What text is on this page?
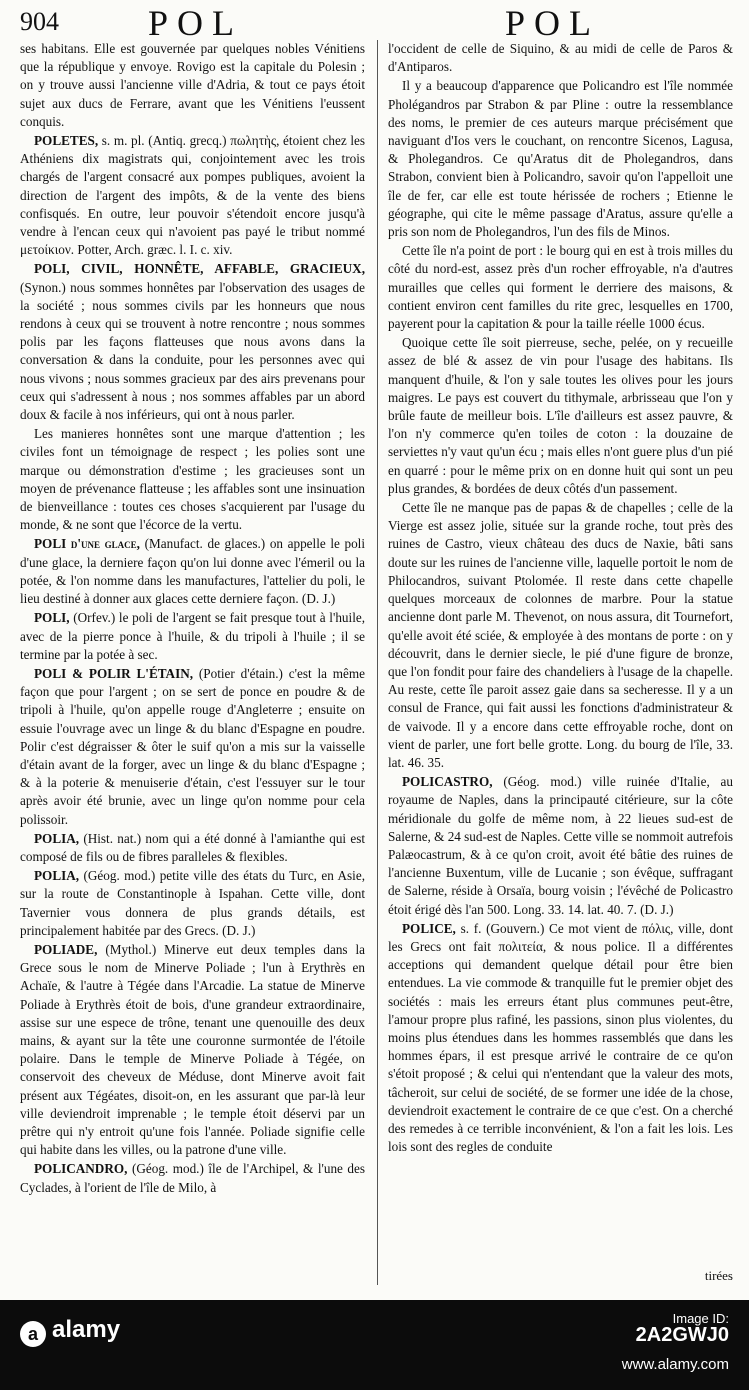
904 POL	POL

ses habitans. Elle est gouvernée par quelques nobles Vénitiens que la république y envoye. Rovigo est la capitale du Polesin ; on y trouve aussi l'ancienne ville d'Adria, & tout ce pays étoit sujet aux ducs de Ferrare, avant que les Vénitiens l'eussent conquis.

POLETES, s. m. pl. (Antiq. grecq.) πωλητὴς, étoient chez les Athéniens dix magistrats qui, conjointement avec les trois chargés de l'argent consacré aux pompes publiques, avoient la direction de l'argent des impôts, & de la vente des biens confisqués. En outre, leur pouvoir s'étendoit encore jusqu'à vendre à l'encan ceux qui n'avoient pas payé le tribut nommé μετοίκιον. Potter, Arch. græc. l. I. c. xiv.

POLI, CIVIL, HONNÊTE, AFFABLE, GRACIEUX, (Synon.) nous sommes honnêtes par l'observation des usages de la société ; nous sommes civils par les honneurs que nous rendons à ceux qui se trouvent à notre rencontre ; nous sommes polis par les façons flatteuses que nous avons dans la conversation & dans la conduite, pour les personnes avec qui nous vivons ; nous sommes gracieux par des airs prevenans pour ceux qui s'adressent à nous ; nos sommes affables par un abord doux & facile à nos inférieurs, qui ont à nous parler.

Les manieres honnêtes sont une marque d'attention ; les civiles font un témoignage de respect ; les polies sont une marque ou démonstration d'estime ; les gracieuses sont un moyen de prévenance flatteuse ; les affables sont une insinuation de bienveillance : toutes ces choses s'acquierent par l'usage du monde, & ne sont que l'écorce de la vertu.

POLI d'une glace, (Manufact. de glaces.) on appelle le poli d'une glace, la derniere façon qu'on lui donne avec l'émeril ou la potée, & l'on nomme dans les manufactures, l'attelier du poli, le lieu destiné à donner aux glaces cette derniere façon. (D. J.)

POLI, (Orfev.) le poli de l'argent se fait presque tout à l'huile, avec de la pierre ponce à l'huile, & du tripoli à l'huile ; il se termine par la potée à sec.

POLI & POLIR L'ÉTAIN, (Potier d'étain.) c'est la même façon que pour l'argent ; on se sert de ponce en poudre & de tripoli à l'huile, qu'on appelle rouge d'Angleterre ; ensuite on essuie l'ouvrage avec un linge & du blanc d'Espagne en poudre. Polir c'est dégraisser & ôter le suif qu'on a mis sur la vaisselle d'étain avant de la forger, avec un linge & du blanc d'Espagne ; & à la poterie & menuiserie d'étain, c'est l'essuyer sur le tour après avoir été brunie, avec un linge qu'on nomme pour cela polissoir.

POLIA, (Hist. nat.) nom qui a été donné à l'amianthe qui est composé de fils ou de fibres paralleles & flexibles.

POLIA, (Géog. mod.) petite ville des états du Turc, en Asie, sur la route de Constantinople à Ispahan. Cette ville, dont Tavernier vous donnera de plus grands détails, est principalement habitée par des Grecs. (D. J.)

POLIADE, (Mythol.) Minerve eut deux temples dans la Grece sous le nom de Minerve Poliade ; l'un à Erythrès en Achaïe, & l'autre à Tégée dans l'Arcadie. La statue de Minerve Poliade à Erythrès étoit de bois, d'une grandeur extraordinaire, assise sur une espece de trône, tenant une quenouille des deux mains, & ayant sur la tête une couronne surmontée de l'étoile polaire. Dans le temple de Minerve Poliade à Tégée, on conservoit des cheveux de Méduse, dont Minerve avoit fait présent aux Tégéates, disoit-on, en les assurant que par-là leur ville deviendroit imprenable ; le temple étoit déservi par un prêtre qui n'y entroit qu'une fois l'année. Poliade signifie celle qui habite dans les villes, ou la patrone d'une ville.

POLICANDRO, (Géog. mod.) île de l'Archipel, & l'une des Cyclades, à l'orient de l'île de Milo, à

l'occident de celle de Siquino, & au midi de celle de Paros & d'Antiparos.

Il y a beaucoup d'apparence que Policandro est l'île nommée Pholégandros par Strabon & par Pline : outre la ressemblance des noms, le premier de ces auteurs marque précisément que naviguant d'Ios vers le couchant, on rencontre Sicenos, Lagusa, & Pholegandros. Ce qu'Aratus dit de Pholegandros, dans Strabon, convient bien à Policandro, savoir qu'on l'appelloit une île de fer, car elle est toute hérissée de rochers ; Etienne le géographe, qui cite le même passage d'Aratus, assure qu'elle a pris son nom de Pholegandros, l'un des fils de Minos.

Cette île n'a point de port : le bourg qui en est à trois milles du côté du nord-est, assez près d'un rocher effroyable, n'a d'autres murailles que celles qui forment le derriere des maisons, & contient environ cent familles du rite grec, lesquelles en 1700, payerent pour la capitation & pour la taille réelle 1000 écus.

Quoique cette île soit pierreuse, seche, pelée, on y recueille assez de blé & assez de vin pour l'usage des habitans. Ils manquent d'huile, & l'on y sale toutes les olives pour les jours maigres. Le pays est couvert du tithymale, arbrisseau que l'on y brûle faute de meilleur bois. L'île d'ailleurs est assez pauvre, & l'on n'y commerce qu'en toiles de coton : la douzaine de serviettes n'y vaut qu'un écu ; mais elles n'ont guere plus d'un pié en quarré : pour le même prix on en donne huit qui sont un peu plus grandes, & bordées de deux côtés d'un passement.

Cette île ne manque pas de papas & de chapelles ; celle de la Vierge est assez jolie, située sur la grande roche, tout près des ruines de Castro, vieux château des ducs de Naxie, bâti sans doute sur les ruines de l'ancienne ville, laquelle portoit le nom de Philocandros, suivant Ptolomée. Il reste dans cette chapelle quelques morceaux de colonnes de marbre. Pour la statue ancienne dont parle M. Thevenot, on nous assura, dit Tournefort, qu'elle avoit été sciée, & employée à des montans de porte : on y découvrit, dans le dernier siecle, le pié d'une figure de bronze, que l'on fondit pour faire des chandeliers à l'usage de la chapelle. Au reste, cette île paroit assez gaie dans sa secheresse. Il y a un consul de France, qui fait aussi les fonctions d'administrateur & de vaivode. Il y a encore dans cette effroyable roche, dont on vient de parler, une fort belle grotte. Long. du bourg de l'île, 33. lat. 46. 35.

POLICASTRO, (Géog. mod.) ville ruinée d'Italie, au royaume de Naples, dans la principauté citérieure, sur la côte méridionale du golfe de même nom, à 22 lieues sud-est de Salerne, & 24 sud-est de Naples. Cette ville se nommoit autrefois Palæocastrum, & à ce qu'on croit, avoit été bâtie des ruines de l'ancienne Buxentum, ville de Lucanie ; son évêque, suffragant de Salerne, réside à Orsaïa, bourg voisin ; l'évêché de Policastro étoit érigé dès l'an 500. Long. 33. 14. lat. 40. 7. (D. J.)

POLICE, s. f. (Gouvern.) Ce mot vient de πόλις, ville, dont les Grecs ont fait πολιτεία, & nous police. Il a différentes acceptions qui demandent quelque détail pour être bien entendues. La vie commode & tranquille fut le premier objet des sociétés : mais les erreurs étant plus communes peut-être, l'amour propre plus rafiné, les passions, sinon plus violentes, du moins plus étendues dans les hommes rassemblés que dans les hommes épars, il est presque arrivé le contraire de ce qu'on s'étoit proposé ; & celui qui n'entendant que la valeur des mots, tâcheroit, sur celui de société, de se former une idée de la chose, deviendroit exactement le contraire de ce que c'est. On a cherché des remedes à ce terrible inconvénient, & l'on a fait les lois. Les lois sont des regles de conduite

tirées
a alamy	Image ID:
2A2GWJ0
www.alamy.com
